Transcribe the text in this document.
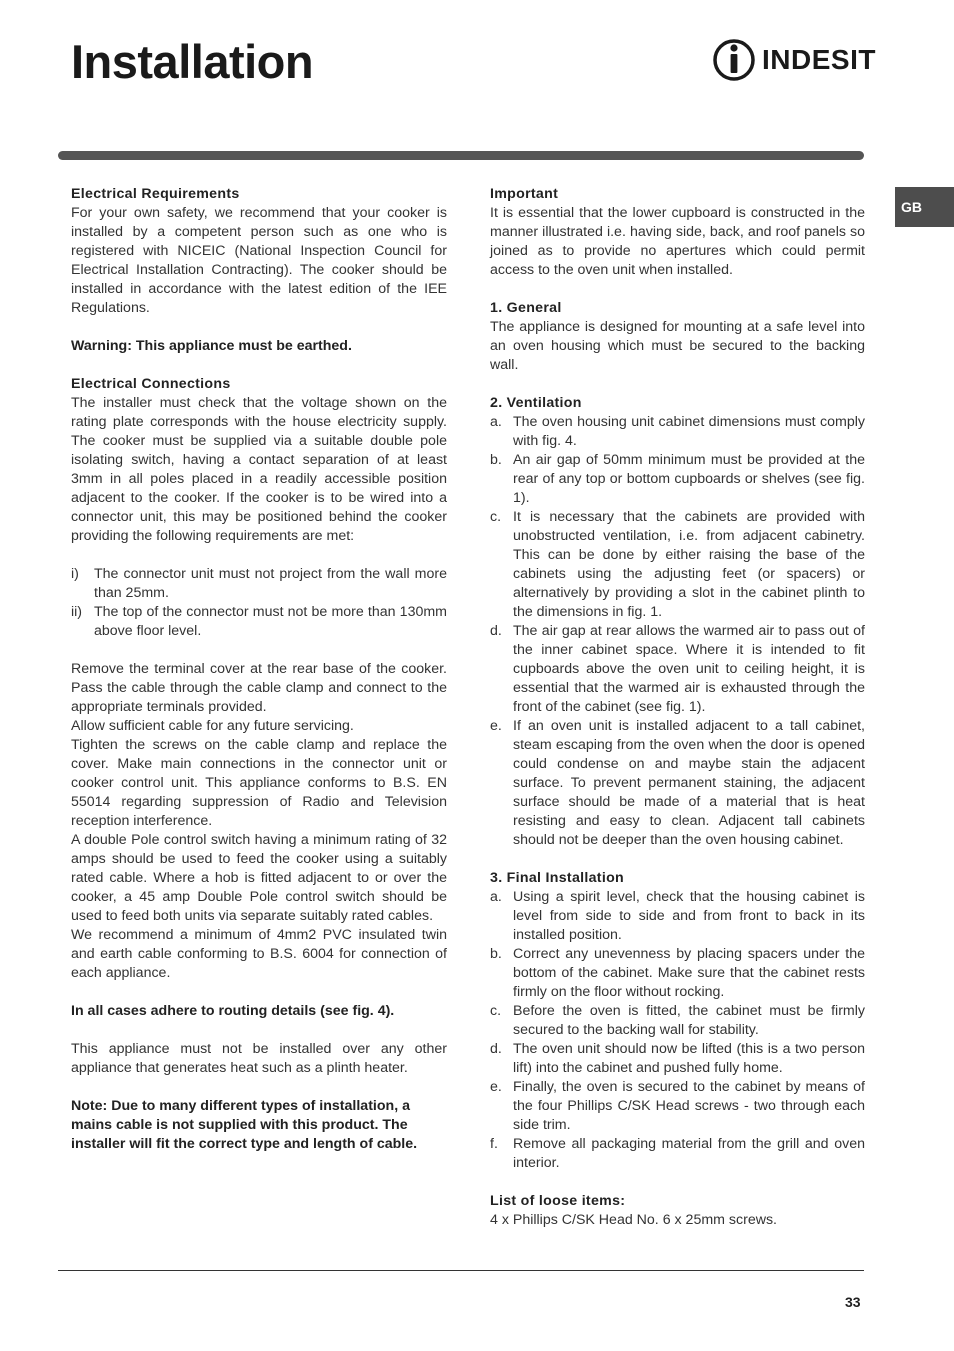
Installation	INDESIT
GB

Electrical Requirements

For your own safety, we recommend that your cooker is installed by a competent person such as one who is registered with NICEIC (National Inspection Council for Electrical Installation Contracting). The cooker should be installed in accordance with the latest edition of the IEE Regulations.

Warning: This appliance must be earthed.

Electrical Connections

The installer must check that the voltage shown on the rating plate corresponds with the house electricity supply. The cooker must be supplied via a suitable double pole isolating switch, having a contact separation of at least 3mm in all poles placed in a readily accessible position adjacent to the cooker. If the cooker is to be wired into a connector unit, this may be positioned behind the cooker providing the following requirements are met:

i)	The connector unit must not project from the wall more than 25mm.
ii) The top of the connector must not be more than 130mm above floor level.

Remove the terminal cover at the rear base of the cooker. Pass the cable through the cable clamp and connect to the appropriate terminals provided.

Allow sufficient cable for any future servicing.

Tighten the screws on the cable clamp and replace the cover. Make main connections in the connector unit or cooker control unit. This appliance conforms to B.S. EN 55014 regarding suppression of Radio and Television reception interference.

A double Pole control switch having a minimum rating of 32 amps should be used to feed the cooker using a suitably rated cable. Where a hob is fitted adjacent to or over the cooker, a 45 amp Double Pole control switch should be used to feed both units via separate suitably rated cables.

We recommend a minimum of 4mm2 PVC insulated twin and earth cable conforming to B.S. 6004 for connection of each appliance.

In all cases adhere to routing details (see fig. 4).

This appliance must not be installed over any other appliance that generates heat such as a plinth heater.

Note: Due to many different types of installation, a mains cable is not supplied with this product. The installer will fit the correct type and length of cable.

Important

It is essential that the lower cupboard is constructed in the manner illustrated i.e. having side, back, and roof panels so joined as to provide no apertures which could permit access to the oven unit when installed.

1. General

The appliance is designed for mounting at a safe level into an oven housing which must be secured to the backing wall.

2. Ventilation

a. The oven housing unit cabinet dimensions must comply with fig. 4.
b. An air gap of 50mm minimum must be provided at the rear of any top or bottom cupboards or shelves (see fig. 1).
c. It is necessary that the cabinets are provided with unobstructed ventilation, i.e. from adjacent cabinetry. This can be done by either raising the base of the cabinets using the adjusting feet (or spacers) or alternatively by providing a slot in the cabinet plinth to the dimensions in fig. 1.
d. The air gap at rear allows the warmed air to pass out of the inner cabinet space. Where it is intended to fit cupboards above the oven unit to ceiling height, it is essential that the warmed air is exhausted through the front of the cabinet (see fig. 1).
e. If an oven unit is installed adjacent to a tall cabinet, steam escaping from the oven when the door is opened could condense on and maybe stain the adjacent surface. To prevent permanent staining, the adjacent surface should be made of a material that is heat resisting and easy to clean. Adjacent tall cabinets should not be deeper than the oven housing cabinet.

3. Final Installation

a. Using a spirit level, check that the housing cabinet is level from side to side and from front to back in its installed position.
b. Correct any unevenness by placing spacers under the bottom of the cabinet. Make sure that the cabinet rests firmly on the floor without rocking.
c. Before the oven is fitted, the cabinet must be firmly secured to the backing wall for stability.
d. The oven unit should now be lifted (this is a two person lift) into the cabinet and pushed fully home.
e. Finally, the oven is secured to the cabinet by means of the four Phillips C/SK Head screws - two through each side trim.
f.	Remove all packaging material from the grill and oven interior.

List of loose items:

4 x Phillips C/SK Head No. 6 x 25mm screws.

33
